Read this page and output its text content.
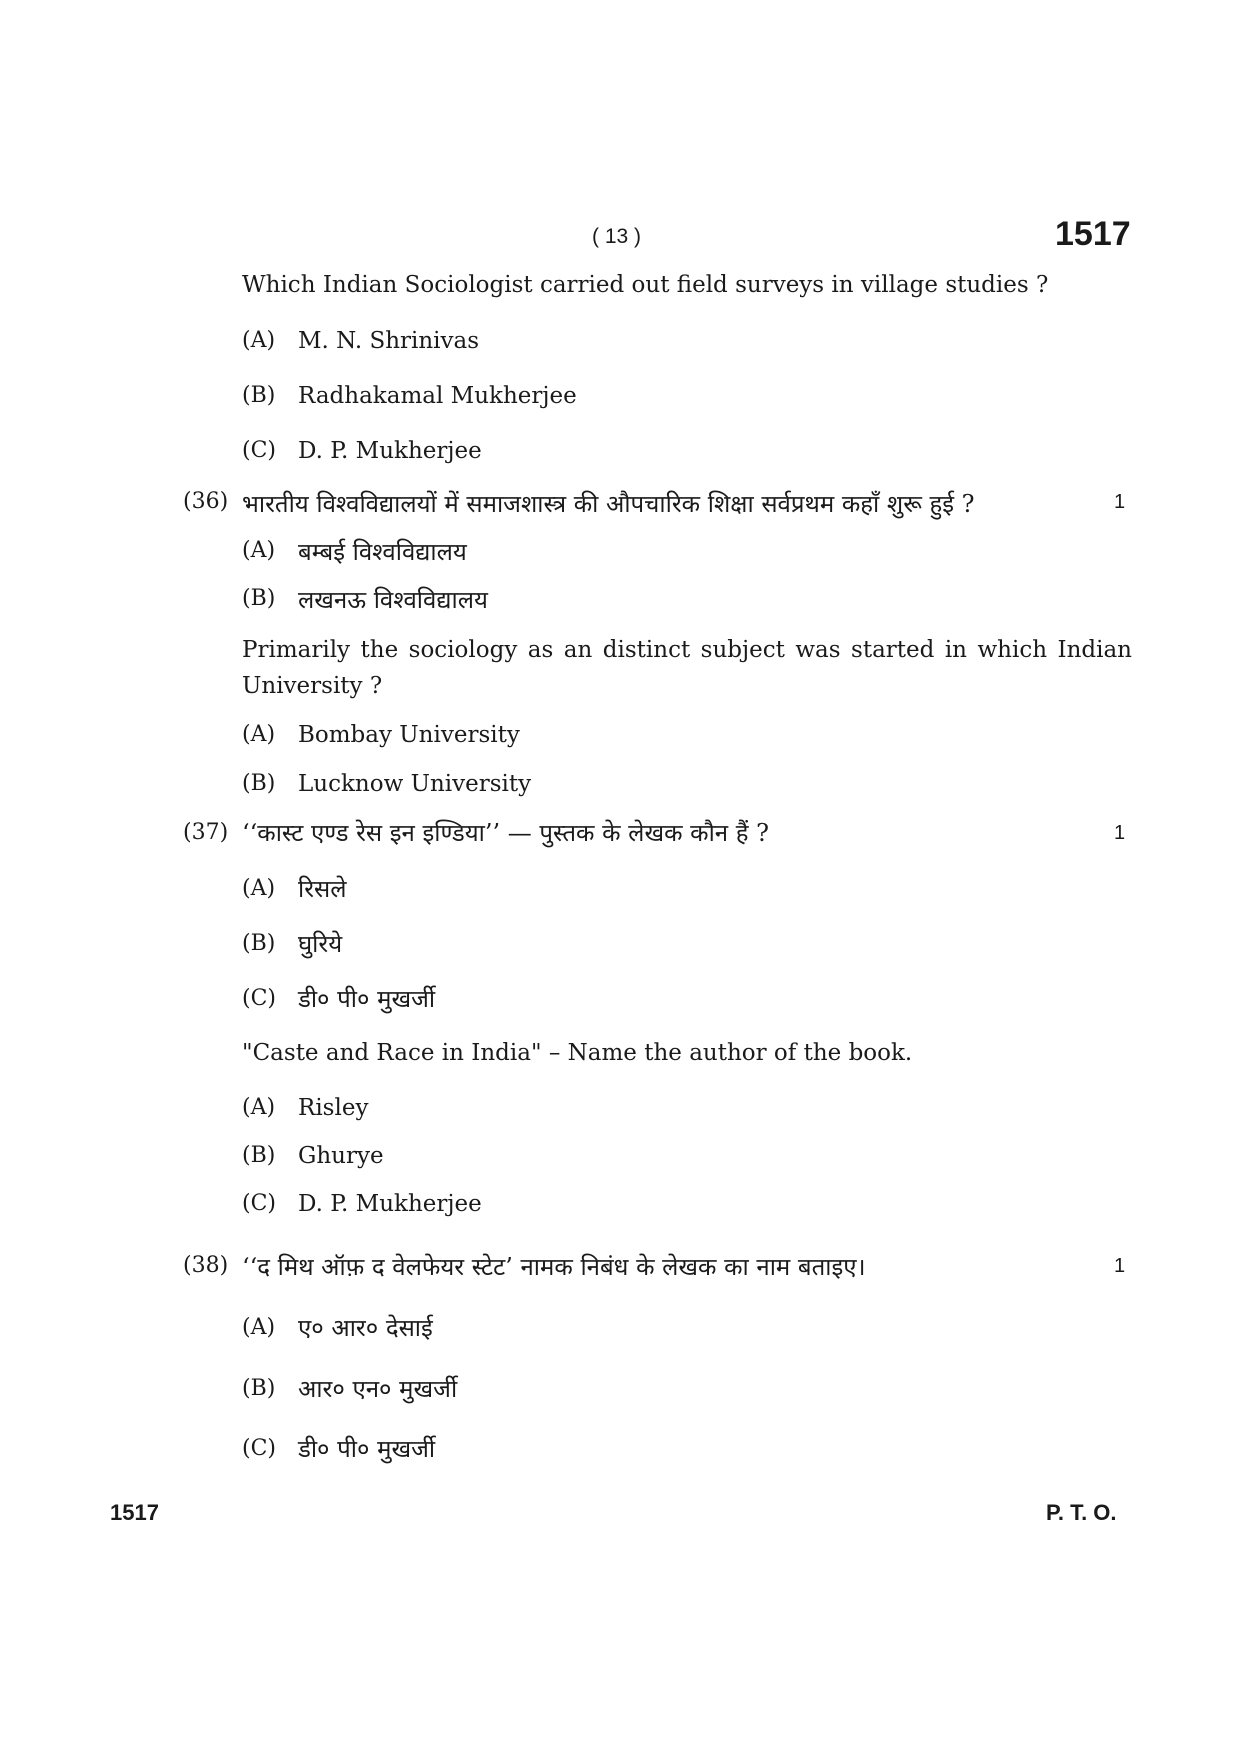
( 13 )	1517
Which Indian Sociologist carried out field surveys in village studies ?
(A) M. N. Shrinivas
(B) Radhakamal Mukherjee
(C) D. P. Mukherjee
(36) भारतीय विश्वविद्यालयों में समाजशास्त्र की औपचारिक शिक्षा सर्वप्रथम कहाँ शुरू हुई ?	1
(A) बम्बई विश्वविद्यालय
(B) लखनऊ विश्वविद्यालय
Primarily the sociology as an distinct subject was started in which Indian University ?
(A) Bombay University
(B) Lucknow University
(37) ‘‘कास्ट एण्ड रेस इन इण्डिया’’ — पुस्तक के लेखक कौन हैं ?	1
(A) रिसले
(B) घुरिये
(C) डी० पी० मुखर्जी
"Caste and Race in India" – Name the author of the book.
(A) Risley
(B) Ghurye
(C) D. P. Mukherjee
(38) ‘‘द मिथ ऑफ़ द वेलफेयर स्टेट’ नामक निबंध के लेखक का नाम बताइए।	1
(A) ए० आर० देसाई
(B) आर० एन० मुखर्जी
(C) डी० पी० मुखर्जी
1517	P. T. O.
